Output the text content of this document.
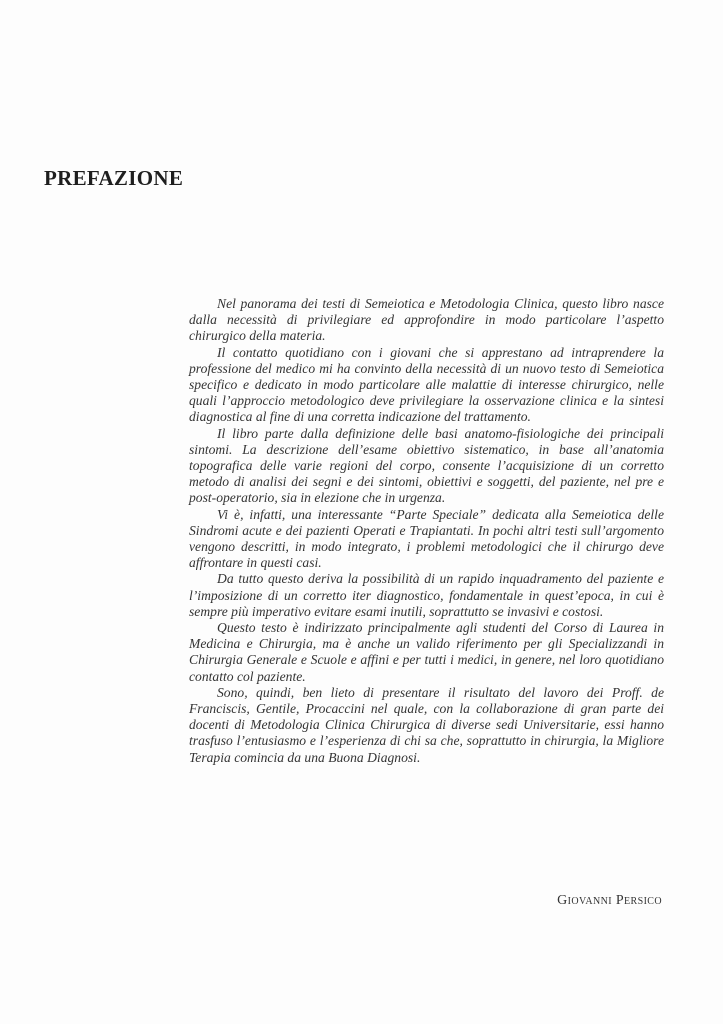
PREFAZIONE

Nel panorama dei testi di Semeiotica e Metodologia Clinica, questo libro nasce dalla necessità di privilegiare ed approfondire in modo particolare l’aspetto chirurgico della materia.

Il contatto quotidiano con i giovani che si apprestano ad intraprendere la professione del medico mi ha convinto della necessità di un nuovo testo di Semeiotica specifico e dedicato in modo particolare alle malattie di interesse chirurgico, nelle quali l’approccio metodologico deve privilegiare la osservazione clinica e la sintesi diagnostica al fine di una corretta indicazione del trattamento.

Il libro parte dalla definizione delle basi anatomo-fisiologiche dei principali sintomi. La descrizione dell’esame obiettivo sistematico, in base all’anatomia topografica delle varie regioni del corpo, consente l’acquisizione di un corretto metodo di analisi dei segni e dei sintomi, obiettivi e soggetti, del paziente, nel pre e post-operatorio, sia in elezione che in urgenza.

Vi è, infatti, una interessante “Parte Speciale” dedicata alla Semeiotica delle Sindromi acute e dei pazienti Operati e Trapiantati. In pochi altri testi sull’argomento vengono descritti, in modo integrato, i problemi metodologici che il chirurgo deve affrontare in questi casi.

Da tutto questo deriva la possibilità di un rapido inquadramento del paziente e l’imposizione di un corretto iter diagnostico, fondamentale in quest’epoca, in cui è sempre più imperativo evitare esami inutili, soprattutto se invasivi e costosi.

Questo testo è indirizzato principalmente agli studenti del Corso di Laurea in Medicina e Chirurgia, ma è anche un valido riferimento per gli Specializzandi in Chirurgia Generale e Scuole e affini e per tutti i medici, in genere, nel loro quotidiano contatto col paziente.

Sono, quindi, ben lieto di presentare il risultato del lavoro dei Proff. de Franciscis, Gentile, Procaccini nel quale, con la collaborazione di gran parte dei docenti di Metodologia Clinica Chirurgica di diverse sedi Universitarie, essi hanno trasfuso l’entusiasmo e l’esperienza di chi sa che, soprattutto in chirurgia, la Migliore Terapia comincia da una Buona Diagnosi.

Giovanni Persico
